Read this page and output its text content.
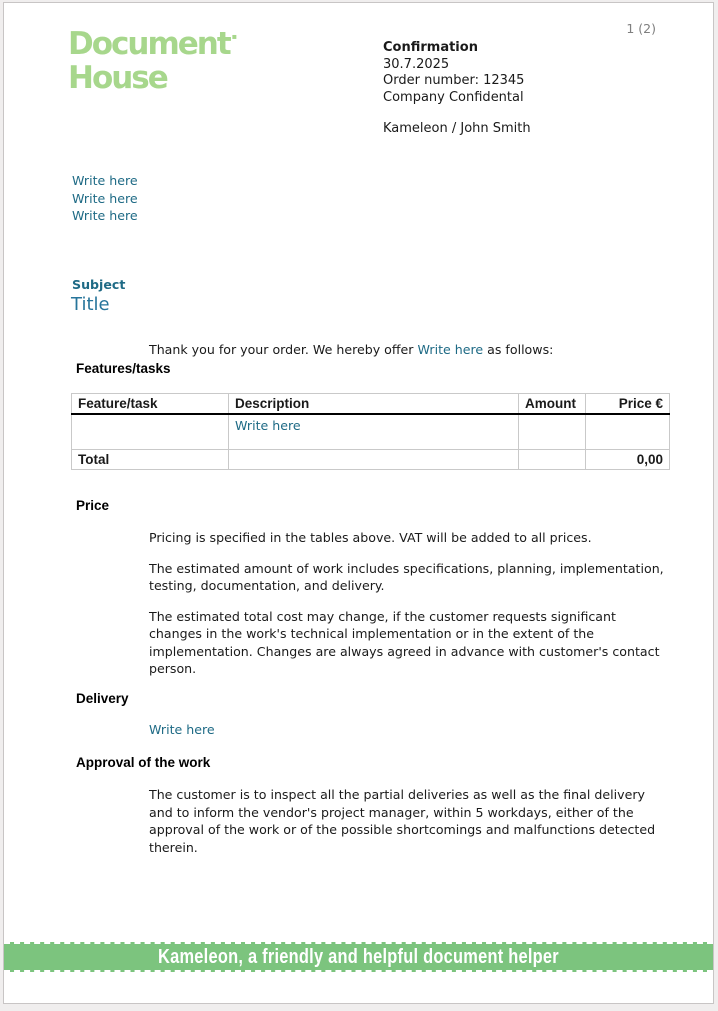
1 (2)
Document ▪
House
Confirmation
30.7.2025
Order number: 12345
Company Confidental
Kameleon / John Smith
Write here
Write here
Write here
Subject
Title

Thank you for your order. We hereby offer Write here as follows:

Features/tasks
Feature/task	Description	Amount	Price €
	Write here		
Total			0,00
Price

Pricing is specified in the tables above. VAT will be added to all prices.

The estimated amount of work includes specifications, planning, implementation, testing, documentation, and delivery.

The estimated total cost may change, if the customer requests significant changes in the work's technical implementation or in the extent of the implementation. Changes are always agreed in advance with customer's contact person.

Delivery
Write here
Approval of the work
The customer is to inspect all the partial deliveries as well as the final delivery and to inform the vendor's project manager, within 5 workdays, either of the approval of the work or of the possible shortcomings and malfunctions detected therein.
Kameleon, a friendly and helpful document helper
